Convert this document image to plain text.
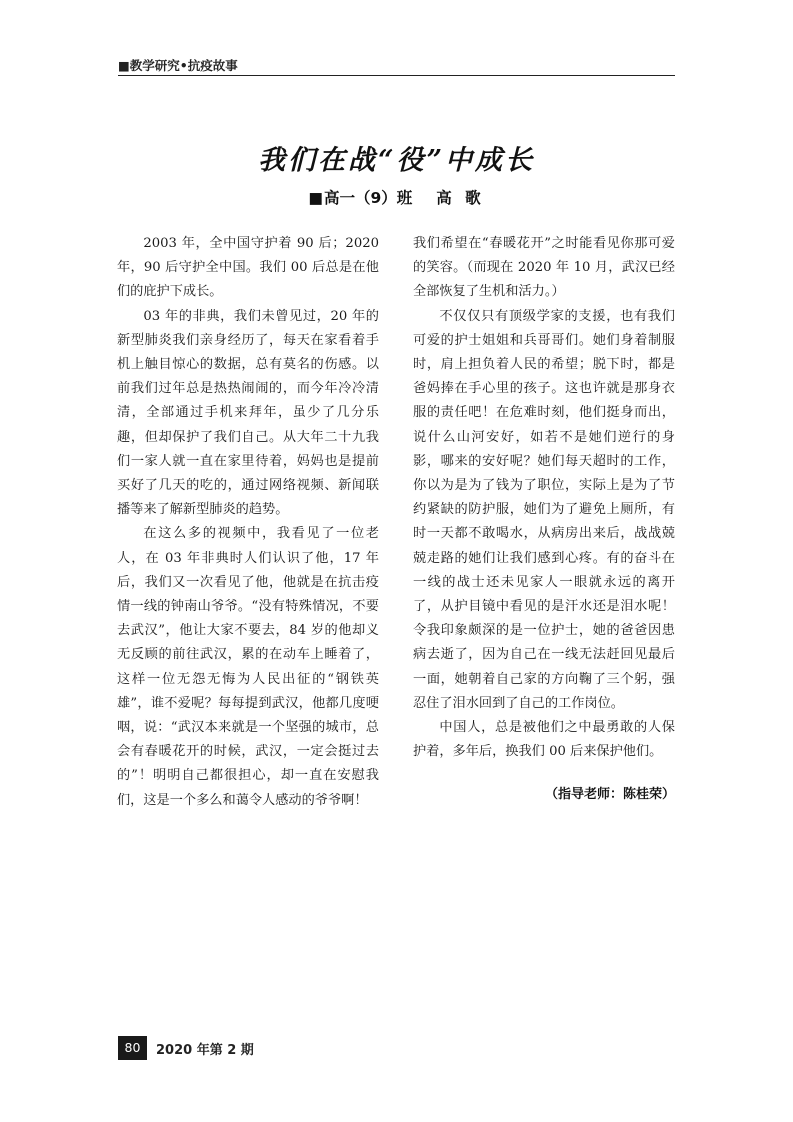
■教学研究•抗疫故事
我们在战“役”中成长
■高一（9）班 高 歌

2003 年，全中国守护着 90 后；2020 年，90 后守护全中国。我们 00 后总是在他们的庇护下成长。

03 年的非典，我们未曾见过，20 年的新型肺炎我们亲身经历了，每天在家看着手机上触目惊心的数据，总有莫名的伤感。以前我们过年总是热热闹闹的，而今年冷冷清清，全部通过手机来拜年，虽少了几分乐趣，但却保护了我们自己。从大年二十九我们一家人就一直在家里待着，妈妈也是提前买好了几天的吃的，通过网络视频、新闻联播等来了解新型肺炎的趋势。

在这么多的视频中，我看见了一位老人，在 03 年非典时人们认识了他，17 年后，我们又一次看见了他，他就是在抗击疫情一线的钟南山爷爷。“没有特殊情况，不要去武汉”，他让大家不要去，84 岁的他却义无反顾的前往武汉，累的在动车上睡着了，这样一位无怨无悔为人民出征的“钢铁英雄”，谁不爱呢？每每提到武汉，他都几度哽咽，说：“武汉本来就是一个坚强的城市，总会有春暖花开的时候，武汉，一定会挺过去的”！明明自己都很担心，却一直在安慰我们，这是一个多么和蔼令人感动的爷爷啊！

我们希望在“春暖花开”之时能看见你那可爱的笑容。（而现在 2020 年 10 月，武汉已经全部恢复了生机和活力。）

不仅仅只有顶级学家的支援，也有我们可爱的护士姐姐和兵哥哥们。她们身着制服时，肩上担负着人民的希望；脱下时，都是爸妈捧在手心里的孩子。这也许就是那身衣服的责任吧！在危难时刻，他们挺身而出，说什么山河安好，如若不是她们逆行的身影，哪来的安好呢？她们每天超时的工作，你以为是为了钱为了职位，实际上是为了节约紧缺的防护服，她们为了避免上厕所，有时一天都不敢喝水，从病房出来后，战战兢兢走路的她们让我们感到心疼。有的奋斗在一线的战士还未见家人一眼就永远的离开了，从护目镜中看见的是汗水还是泪水呢！令我印象颇深的是一位护士，她的爸爸因患病去逝了，因为自己在一线无法赶回见最后一面，她朝着自己家的方向鞠了三个躬，强忍住了泪水回到了自己的工作岗位。

中国人，总是被他们之中最勇敢的人保护着，多年后，换我们 00 后来保护他们。

（指导老师：陈桂荣）
80	2020 年第 2 期
